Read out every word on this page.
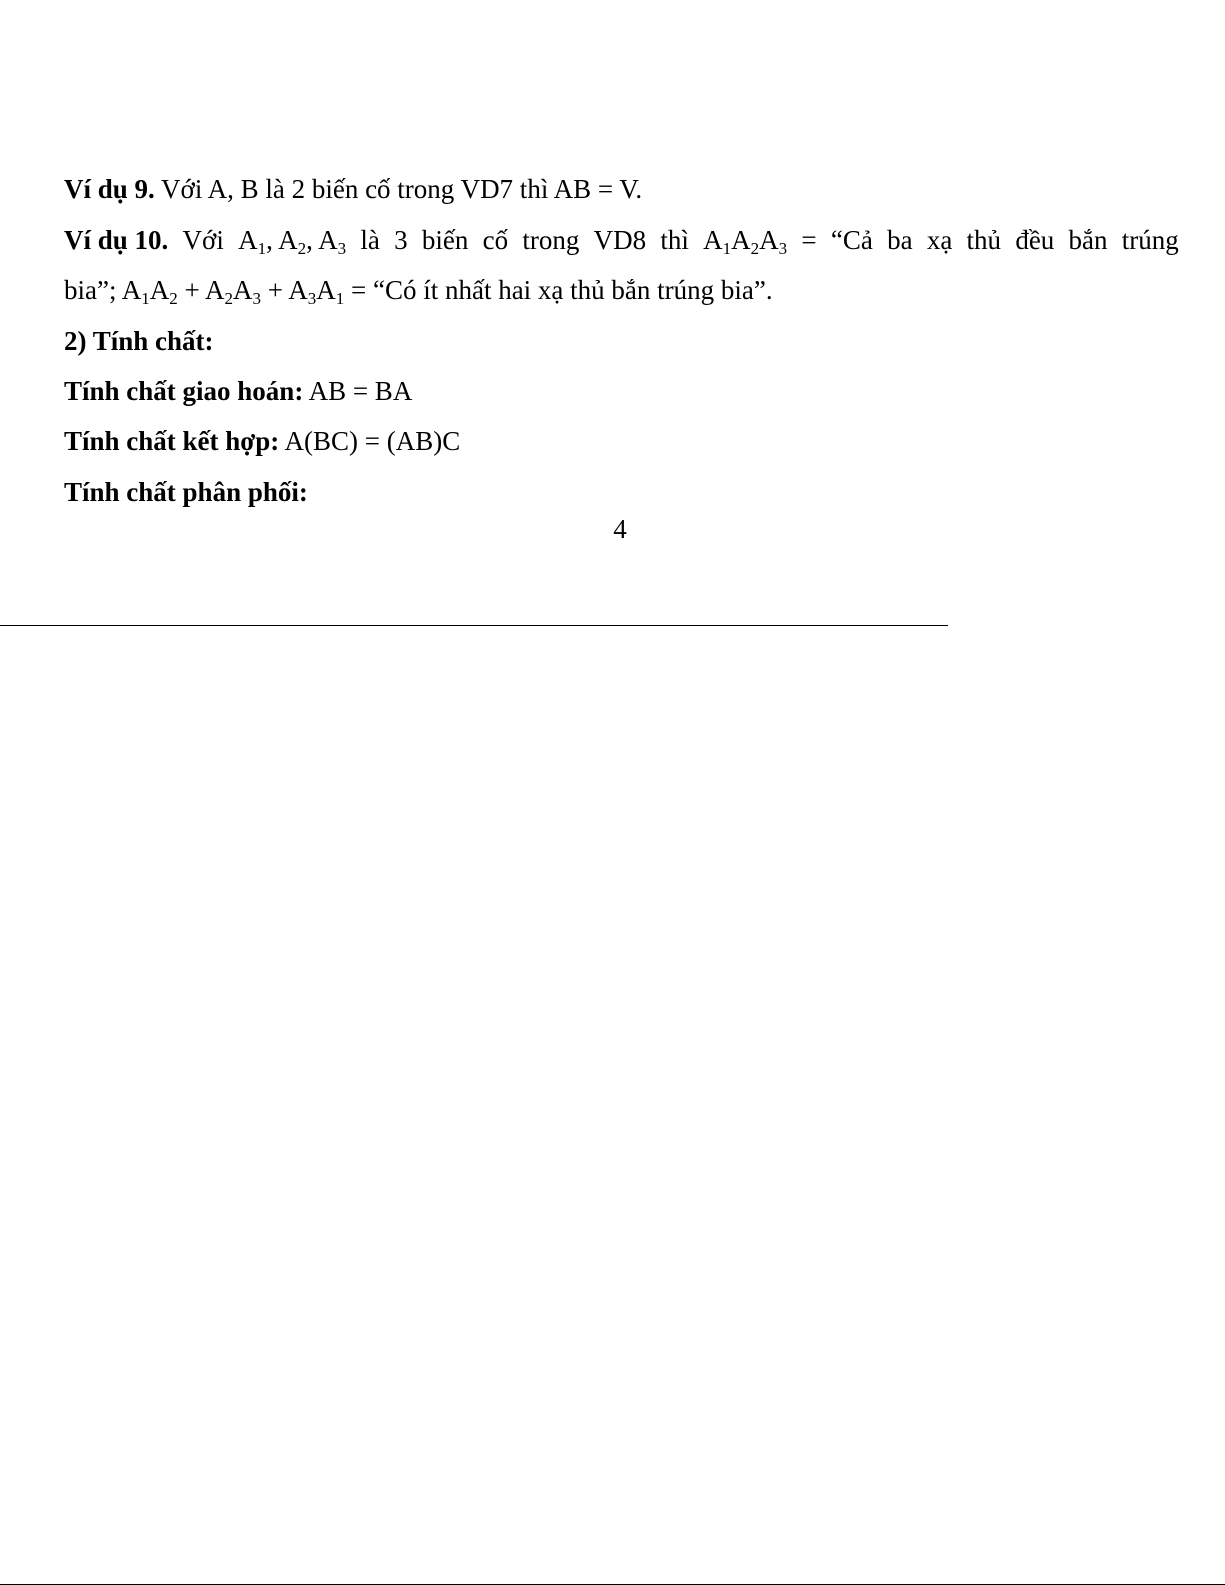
Ví dụ 9. Với A, B là 2 biến cố trong VD7 thì AB = V.
Ví dụ 10. Với $A_1$, $A_2$, $A_3$ là 3 biến cố trong VD8 thì $A_1A_2A_3$ = “Cả ba xạ thủ đều bắn trúng
bia”; $A_1A_2 + A_2A_3 + A_3A_1$ = “Có ít nhất hai xạ thủ bắn trúng bia”.
2) Tính chất:
Tính chất giao hoán: AB = BA
Tính chất kết hợp: A(BC) = (AB)C
Tính chất phân phối:
4
